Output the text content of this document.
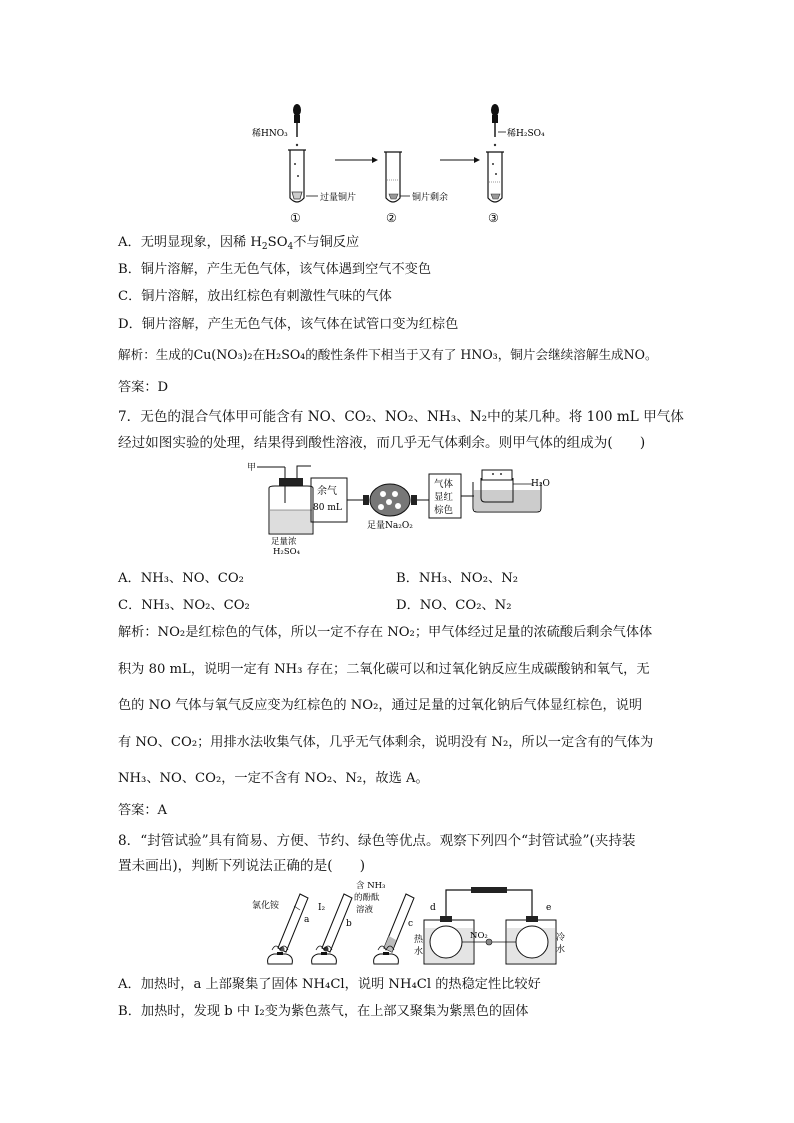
稀HNO₃
过量铜片
①
铜片剩余
②
稀H₂SO₄
③
A．无明显现象，因稀 $H_2SO_4$不与铜反应
B．铜片溶解，产生无色气体，该气体遇到空气不变色
C．铜片溶解，放出红棕色有刺激性气味的气体
D．铜片溶解，产生无色气体，该气体在试管口变为红棕色
解析：生成的Cu(NO₃)₂在H₂SO₄的酸性条件下相当于又有了 HNO₃，铜片会继续溶解生成NO。
答案：D
7．无色的混合气体甲可能含有 NO、CO₂、NO₂、NH₃、N₂中的某几种。将 100 mL 甲气体
经过如图实验的处理，结果得到酸性溶液，而几乎无气体剩余。则甲气体的组成为(　　)
甲
足量浓
H₂SO₄
余气
80 mL
足量Na₂O₂
气体
显红
棕色
H₂O
A．NH₃、NO、CO₂	B．NH₃、NO₂、N₂
C．NH₃、NO₂、CO₂	D．NO、CO₂、N₂
解析：NO₂是红棕色的气体，所以一定不存在 NO₂；甲气体经过足量的浓硫酸后剩余气体体
积为 80 mL，说明一定有 NH₃ 存在；二氧化碳可以和过氧化钠反应生成碳酸钠和氧气，无
色的 NO 气体与氧气反应变为红棕色的 NO₂，通过足量的过氧化钠后气体显红棕色，说明
有 NO、CO₂；用排水法收集气体，几乎无气体剩余，说明没有 N₂，所以一定含有的气体为
NH₃、NO、CO₂，一定不含有 NO₂、N₂，故选 A。
答案：A
8．“封管试验”具有简易、方便、节约、绿色等优点。观察下列四个“封管试验”(夹持装
置未画出)，判断下列说法正确的是(　　)
氯化铵
a
I₂
b
含 NH₃
的酚酞
溶液
c
d
热
水
NO₂
e
冷
水
A．加热时，a 上部聚集了固体 NH₄Cl，说明 NH₄Cl 的热稳定性比较好
B．加热时，发现 b 中 I₂变为紫色蒸气，在上部又聚集为紫黑色的固体
